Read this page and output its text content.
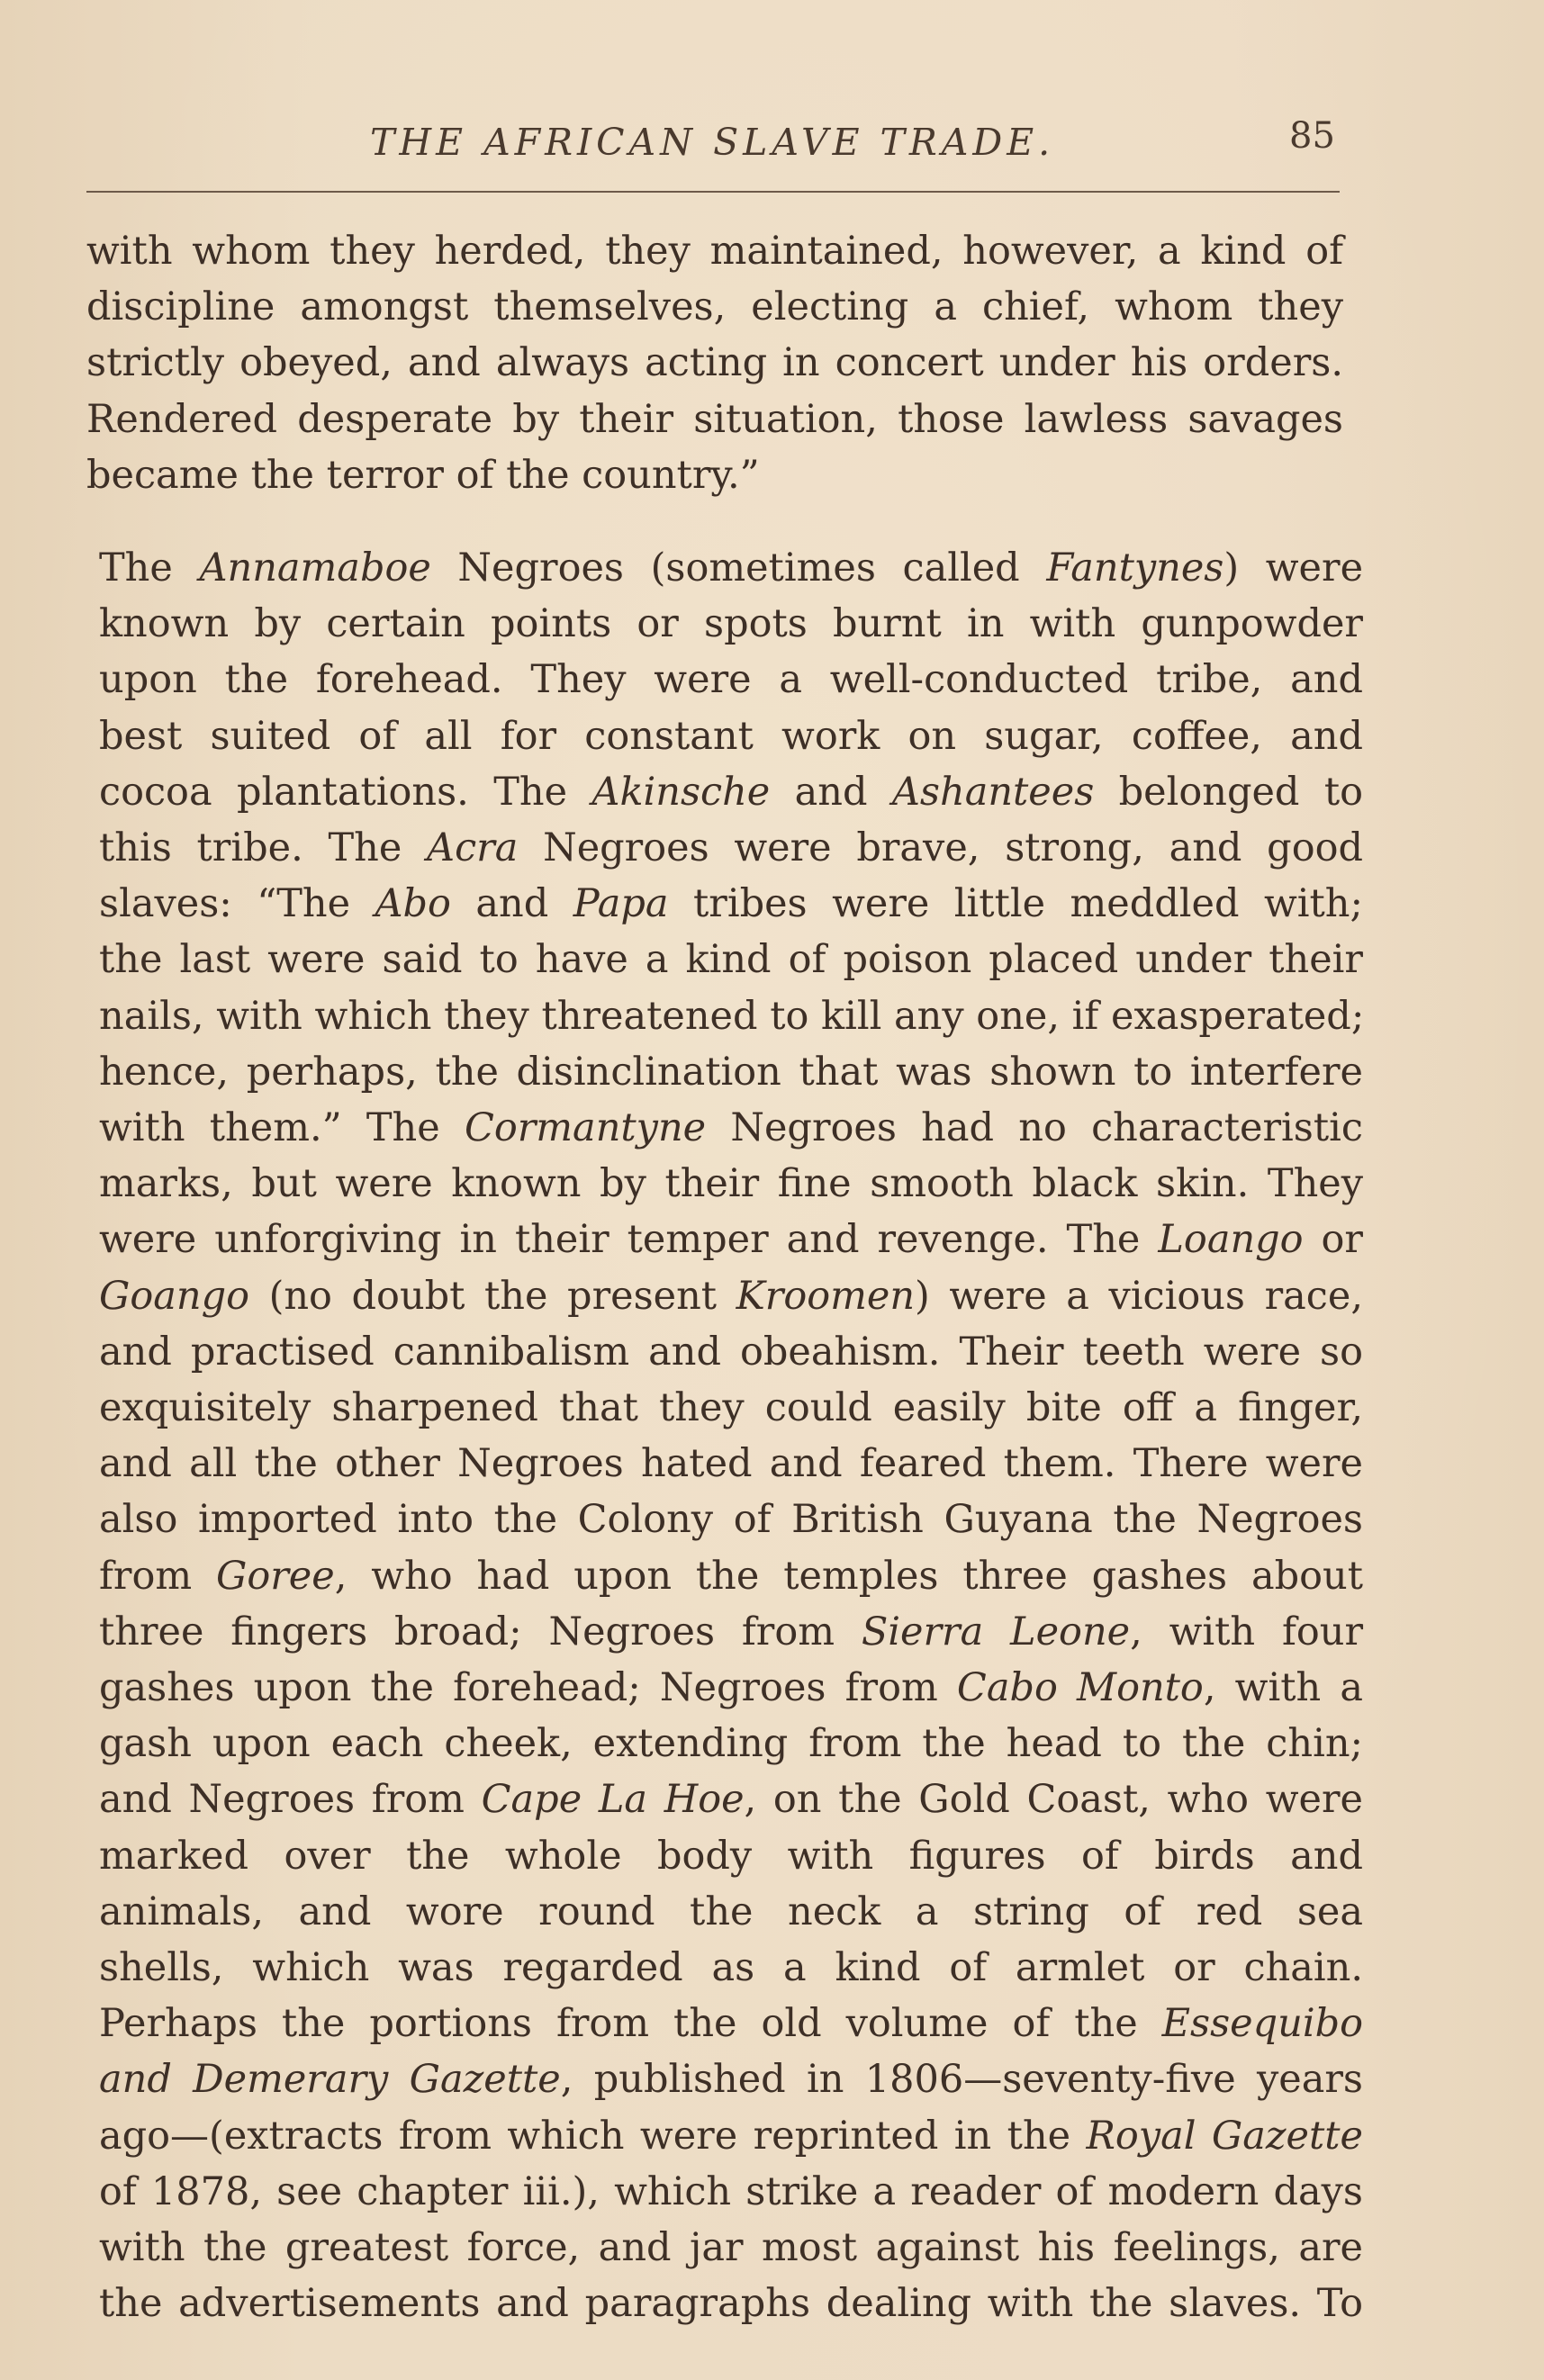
THE AFRICAN SLAVE TRADE.	85
with whom they herded, they maintained, however, a kind of
discipline amongst themselves, electing a chief, whom they
strictly obeyed, and always acting in concert under his orders.
Rendered desperate by their situation, those lawless savages
became the terror of the country.”
The Annamaboe Negroes (sometimes called Fantynes) were
known by certain points or spots burnt in with gunpowder
upon the forehead. They were a well-conducted tribe, and
best suited of all for constant work on sugar, coffee, and
cocoa plantations. The Akinsche and Ashantees belonged to
this tribe. The Acra Negroes were brave, strong, and good
slaves: “The Abo and Papa tribes were little meddled with;
the last were said to have a kind of poison placed under their
nails, with which they threatened to kill any one, if exasperated;
hence, perhaps, the disinclination that was shown to interfere
with them.” The Cormantyne Negroes had no characteristic
marks, but were known by their fine smooth black skin. They
were unforgiving in their temper and revenge. The Loango or
Goango (no doubt the present Kroomen) were a vicious race,
and practised cannibalism and obeahism. Their teeth were so
exquisitely sharpened that they could easily bite off a finger,
and all the other Negroes hated and feared them. There were
also imported into the Colony of British Guyana the Negroes
from Goree, who had upon the temples three gashes about
three fingers broad; Negroes from Sierra Leone, with four
gashes upon the forehead; Negroes from Cabo Monto, with a
gash upon each cheek, extending from the head to the chin;
and Negroes from Cape La Hoe, on the Gold Coast, who were
marked over the whole body with figures of birds and
animals, and wore round the neck a string of red sea
shells, which was regarded as a kind of armlet or chain.
Perhaps the portions from the old volume of the Essequibo
and Demerary Gazette, published in 1806—seventy-five years
ago—(extracts from which were reprinted in the Royal Gazette
of 1878, see chapter iii.), which strike a reader of modern days
with the greatest force, and jar most against his feelings, are
the advertisements and paragraphs dealing with the slaves. To
